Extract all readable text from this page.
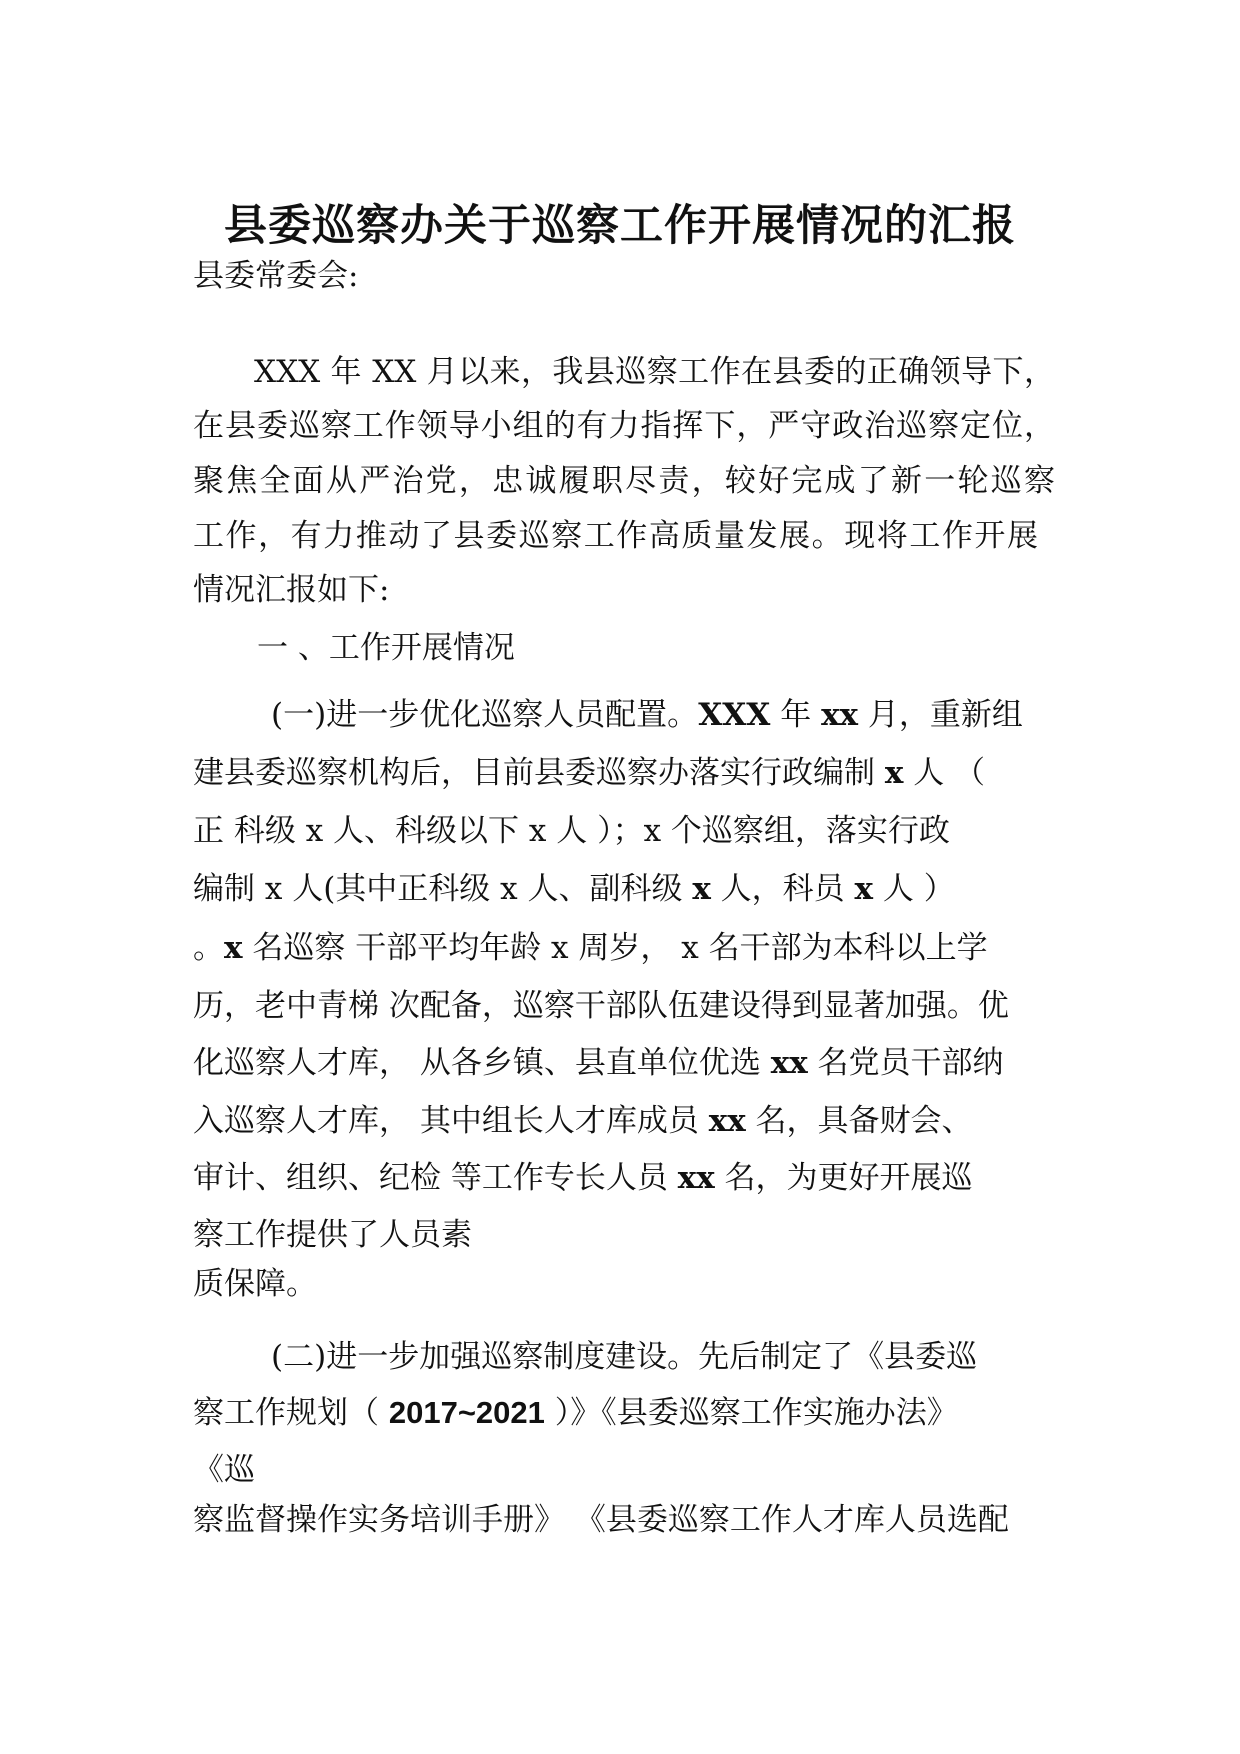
县委巡察办关于巡察工作开展情况的汇报
县委常委会:
XXX 年 XX 月以来，我县巡察工作在县委的正确领导下，
在县委巡察工作领导小组的有力指挥下，严守政治巡察定位，
聚焦全面从严治党，忠诚履职尽责，较好完成了新一轮巡察
工作，有力推动了县委巡察工作高质量发展。现将工作开展
情况汇报如下:
一 、工作开展情况
(一)进一步优化巡察人员配置。XXX 年 xx 月，重新组
建县委巡察机构后，目前县委巡察办落实行政编制 x 人 （
正 科级 x 人、科级以下 x 人 ）；x 个巡察组，落实行政
编制 x 人(其中正科级 x 人、副科级 x 人，科员 x 人 ）
。x 名巡察 干部平均年龄 x 周岁， x 名干部为本科以上学
历，老中青梯 次配备，巡察干部队伍建设得到显著加强。优
化巡察人才库， 从各乡镇、县直单位优选 xx 名党员干部纳
入巡察人才库， 其中组长人才库成员 xx 名，具备财会、
审计、组织、纪检 等工作专长人员 xx 名，为更好开展巡
察工作提供了人员素
质保障。
(二)进一步加强巡察制度建设。先后制定了《县委巡
察工作规划（ 2017~2021 ）》《县委巡察工作实施办法》
《巡
察监督操作实务培训手册》 《县委巡察工作人才库人员选配
